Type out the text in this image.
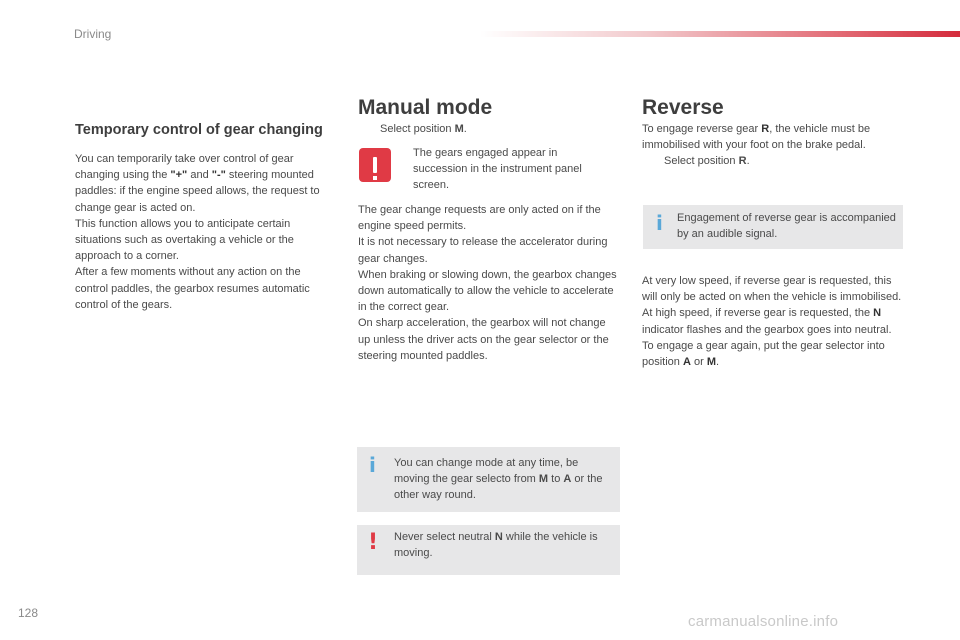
Driving
Temporary control of gear changing

You can temporarily take over control of gear changing using the "+" and "-" steering mounted paddles: if the engine speed allows, the request to change gear is acted on.

This function allows you to anticipate certain situations such as overtaking a vehicle or the approach to a corner.

After a few moments without any action on the control paddles, the gearbox resumes automatic control of the gears.

Manual mode
Select position M.
The gears engaged appear in succession in the instrument panel screen.

The gear change requests are only acted on if the engine speed permits.

It is not necessary to release the accelerator during gear changes.

When braking or slowing down, the gearbox changes down automatically to allow the vehicle to accelerate in the correct gear.

On sharp acceleration, the gearbox will not change up unless the driver acts on the gear selector or the steering mounted paddles.

i You can change mode at any time, be moving the gear selecto from M to A or the other way round.
! Never select neutral N while the vehicle is moving.
Reverse

To engage reverse gear R, the vehicle must be immobilised with your foot on the brake pedal.

Select position R.
i Engagement of reverse gear is accompanied by an audible signal.

At very low speed, if reverse gear is requested, this will only be acted on when the vehicle is immobilised.

At high speed, if reverse gear is requested, the N indicator flashes and the gearbox goes into neutral. To engage a gear again, put the gear selector into position A or M.

128	carmanualsonline.info
